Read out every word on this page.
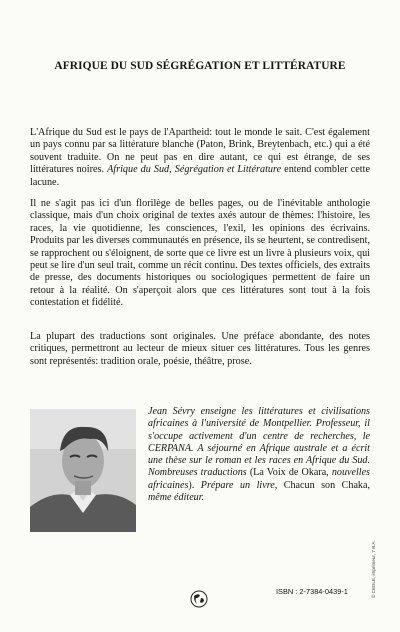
AFRIQUE DU SUD SÉGRÉGATION ET LITTÉRATURE

L'Afrique du Sud est le pays de l'Apartheid: tout le monde le sait. C'est également un pays connu par sa littérature blanche (Paton, Brink, Breytenbach, etc.) qui a été souvent traduite. On ne peut pas en dire autant, ce qui est étrange, de ses littératures noires. Afrique du Sud, Ségrégation et Littérature entend combler cette lacune.

Il ne s'agit pas ici d'un florilège de belles pages, ou de l'inévitable anthologie classique, mais d'un choix original de textes axés autour de thèmes: l'histoire, les races, la vie quotidienne, les consciences, l'exil, les opinions des écrivains. Produits par les diverses communautés en présence, ils se heurtent, se contredisent, se rapprochent ou s'éloignent, de sorte que ce livre est un livre à plusieurs voix, qui peut se lire d'un seul trait, comme un récit continu. Des textes officiels, des extraits de presse, des documents historiques ou sociologiques permettent de faire un retour à la réalité. On s'aperçoit alors que ces littératures sont tout à la fois contestation et fidélité.

La plupart des traductions sont originales. Une préface abondante, des notes critiques, permettront au lecteur de mieux situer ces littératures. Tous les genres sont représentés: tradition orale, poésie, théâtre, prose.

Jean Sévry enseigne les littératures et civilisations africaines à l'université de Montpellier. Professeur, il s'occupe activement d'un centre de recherches, le CERPANA. A séjourné en Afrique australe et a écrit une thèse sur le roman et les races en Afrique du Sud. Nombreuses traductions (La Voix de Okara, nouvelles africaines). Prépare un livre, Chacun son Chaka, même éditeur.

ISBN : 2-7384-0439-1	© CEDLE, imprimeur, 7 B.A.
